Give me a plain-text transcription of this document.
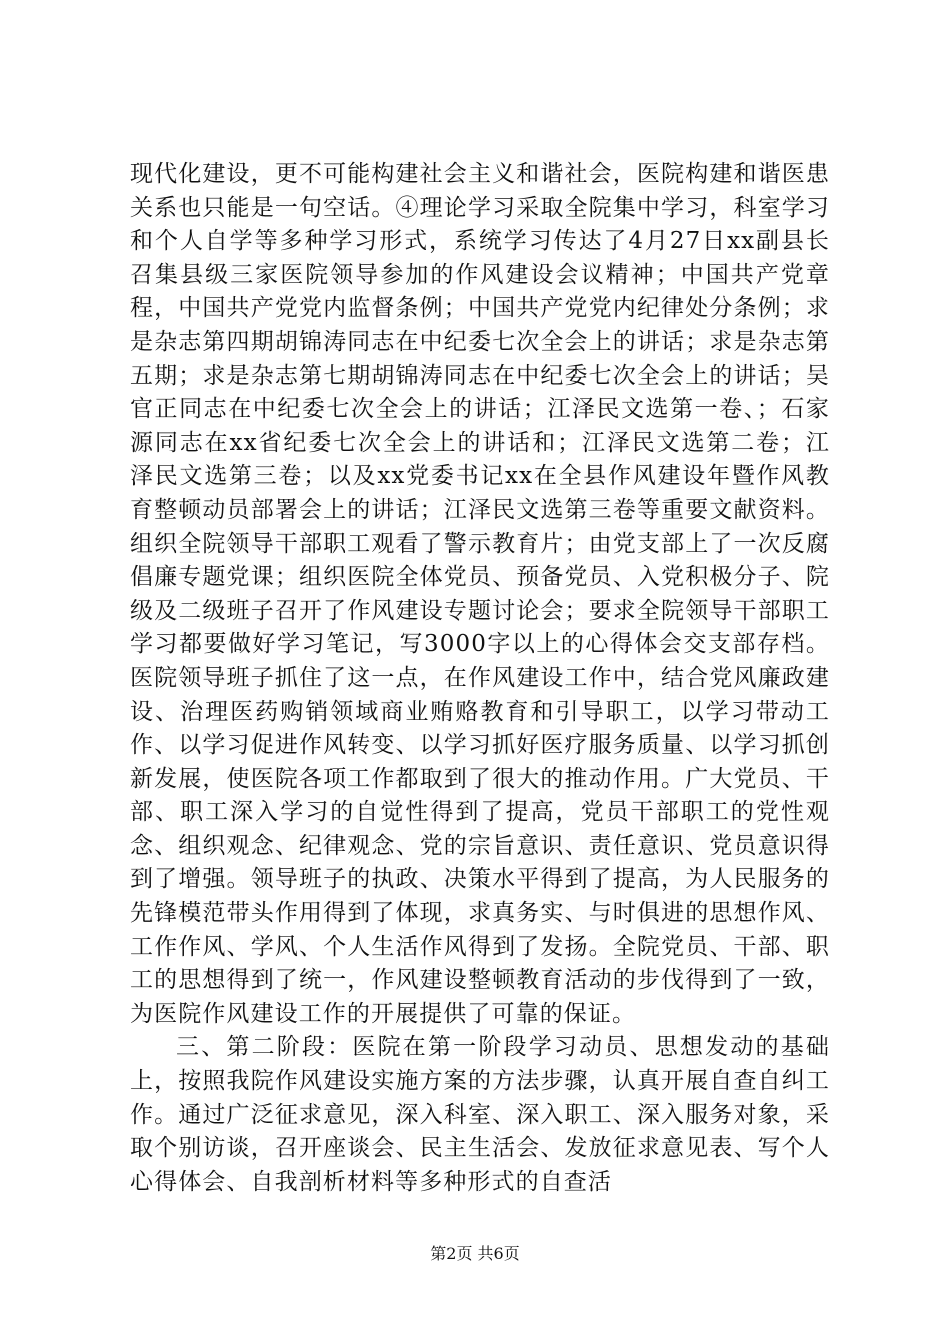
现代化建设，更不可能构建社会主义和谐社会，医院构建和谐医患关系也只能是一句空话。④理论学习采取全院集中学习，科室学习和个人自学等多种学习形式，系统学习传达了4月27日xx副县长召集县级三家医院领导参加的作风建设会议精神；中国共产党章程，中国共产党党内监督条例；中国共产党党内纪律处分条例；求是杂志第四期胡锦涛同志在中纪委七次全会上的讲话；求是杂志第五期；求是杂志第七期胡锦涛同志在中纪委七次全会上的讲话；吴官正同志在中纪委七次全会上的讲话；江泽民文选第一卷、；石家源同志在xx省纪委七次全会上的讲话和；江泽民文选第二卷；江泽民文选第三卷；以及xx党委书记xx在全县作风建设年暨作风教育整顿动员部署会上的讲话；江泽民文选第三卷等重要文献资料。组织全院领导干部职工观看了警示教育片；由党支部上了一次反腐倡廉专题党课；组织医院全体党员、预备党员、入党积极分子、院级及二级班子召开了作风建设专题讨论会；要求全院领导干部职工学习都要做好学习笔记，写3000字以上的心得体会交支部存档。医院领导班子抓住了这一点，在作风建设工作中，结合党风廉政建设、治理医药购销领域商业贿赂教育和引导职工，以学习带动工作、以学习促进作风转变、以学习抓好医疗服务质量、以学习抓创新发展，使医院各项工作都取到了很大的推动作用。广大党员、干部、职工深入学习的自觉性得到了提高，党员干部职工的党性观念、组织观念、纪律观念、党的宗旨意识、责任意识、党员意识得到了增强。领导班子的执政、决策水平得到了提高，为人民服务的先锋模范带头作用得到了体现，求真务实、与时俱进的思想作风、工作作风、学风、个人生活作风得到了发扬。全院党员、干部、职工的思想得到了统一，作风建设整顿教育活动的步伐得到了一致，为医院作风建设工作的开展提供了可靠的保证。

三、第二阶段：医院在第一阶段学习动员、思想发动的基础上，按照我院作风建设实施方案的方法步骤，认真开展自查自纠工作。通过广泛征求意见，深入科室、深入职工、深入服务对象，采取个别访谈，召开座谈会、民主生活会、发放征求意见表、写个人心得体会、自我剖析材料等多种形式的自查活

第2页 共6页
